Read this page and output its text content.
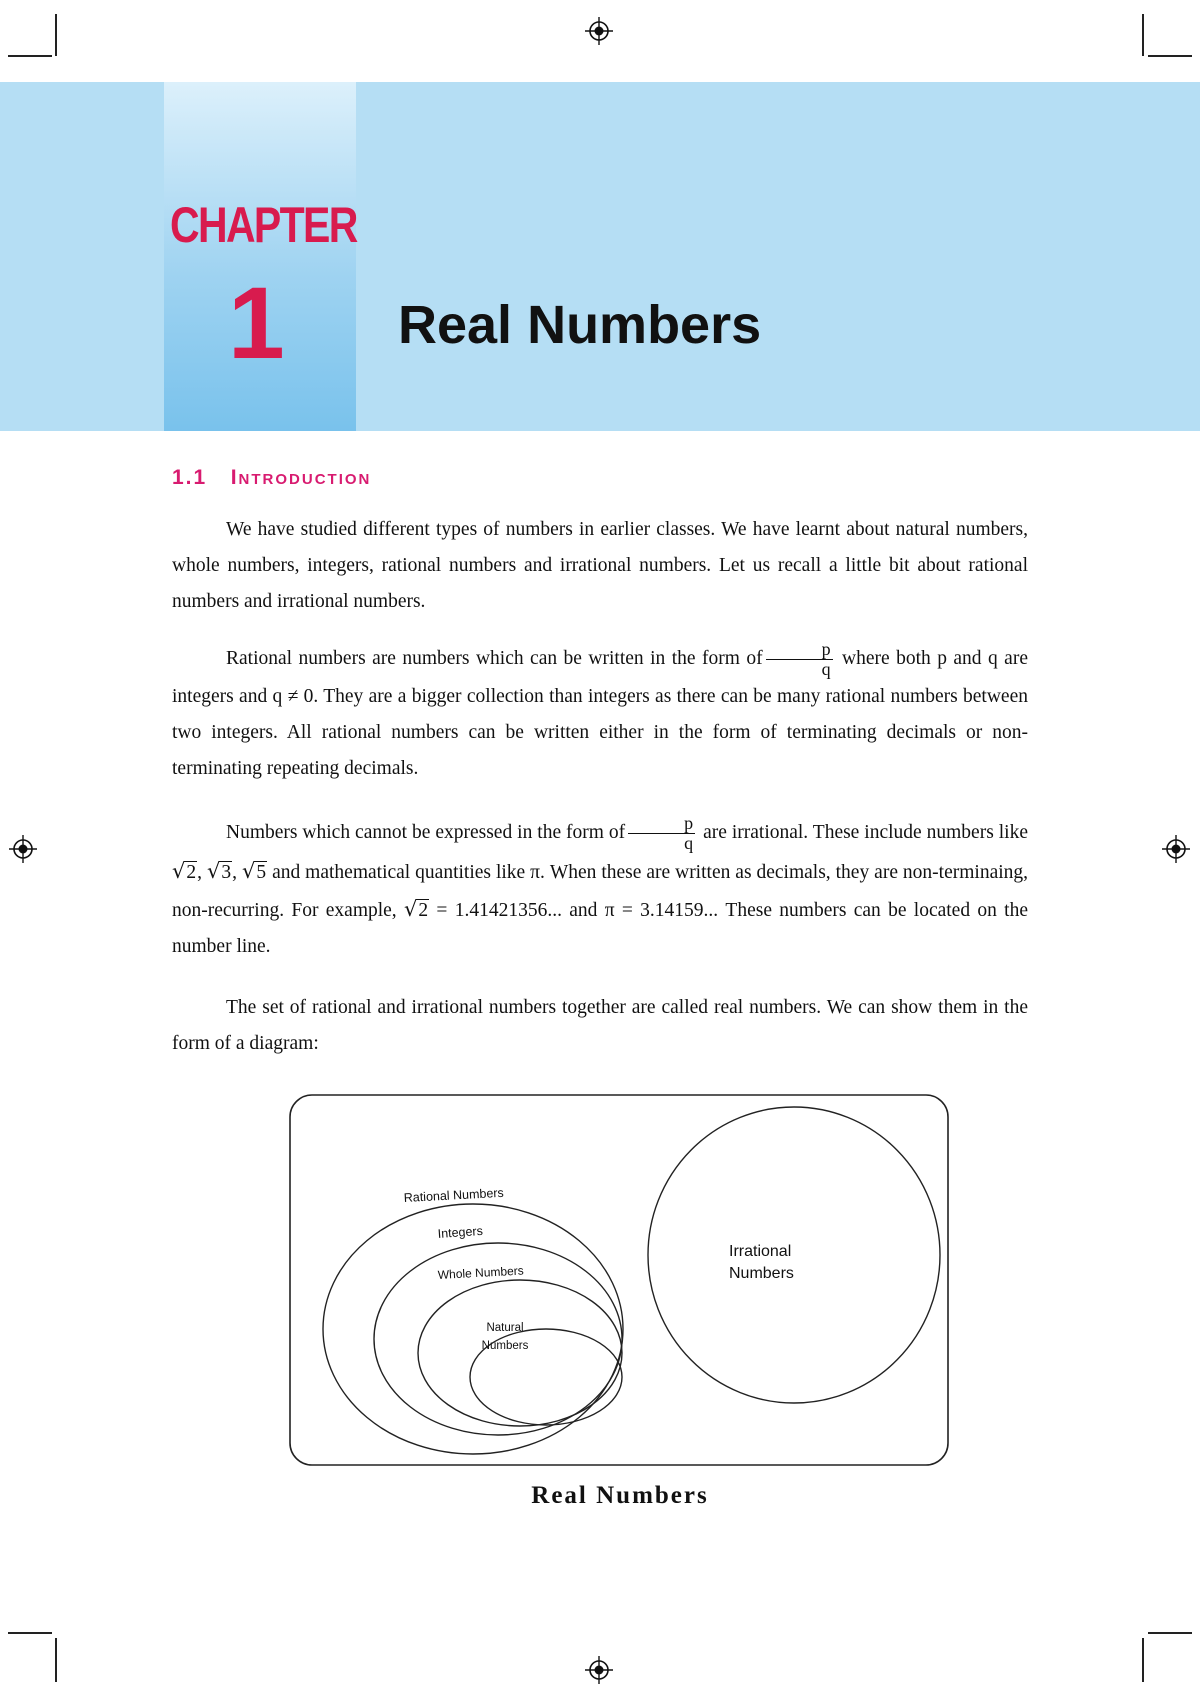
CHAPTER
1 Real Numbers
1.1 Introduction

We have studied different types of numbers in earlier classes. We have learnt about natural numbers, whole numbers, integers, rational numbers and irrational numbers. Let us recall a little bit about rational numbers and irrational numbers.

Rational numbers are numbers which can be written in the form of $\frac{p}{q}$ where both p and q are integers and q ≠ 0. They are a bigger collection than integers as there can be many rational numbers between two integers. All rational numbers can be written either in the form of terminating decimals or non-terminating repeating decimals.

Numbers which cannot be expressed in the form of $\frac{p}{q}$ are irrational. These include numbers like √2, √3, √5 and mathematical quantities like π. When these are written as decimals, they are non-terminaing, non-recurring. For example, √2 = 1.41421356... and π = 3.14159... These numbers can be located on the number line.

The set of rational and irrational numbers together are called real numbers. We can show them in the form of a diagram:

Rational Numbers
Integers
Whole Numbers
Natural
Numbers
Irrational
Numbers
Real Numbers
